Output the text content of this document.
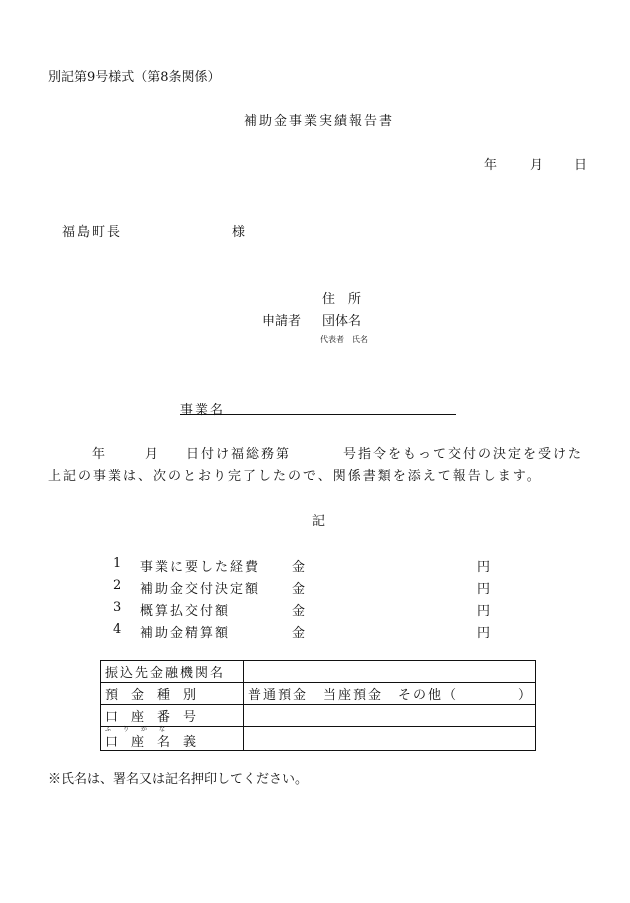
別記第9号様式（第8条関係）
補助金事業実績報告書
年	月 日
福島町長	様
住　所
申請者 団体名
代表者　氏名
事業名
年	月 日付け福総務第	号指令をもって交付の決定を受けた
上記の事業は、次のとおり完了したので、関係書類を添えて報告します。
記
1 事業に要した経費 金	円
2 補助金交付決定額 金	円
3 概算払交付額	金	円
4 補助金精算額	金	円
振込先金融機関名	
預　金　種　別	普通預金　当座預金　その他（　　　　）
口　座　番　号	

ふ　　り　　が　　な
口　座　名　義	

※氏名は、署名又は記名押印してください。
